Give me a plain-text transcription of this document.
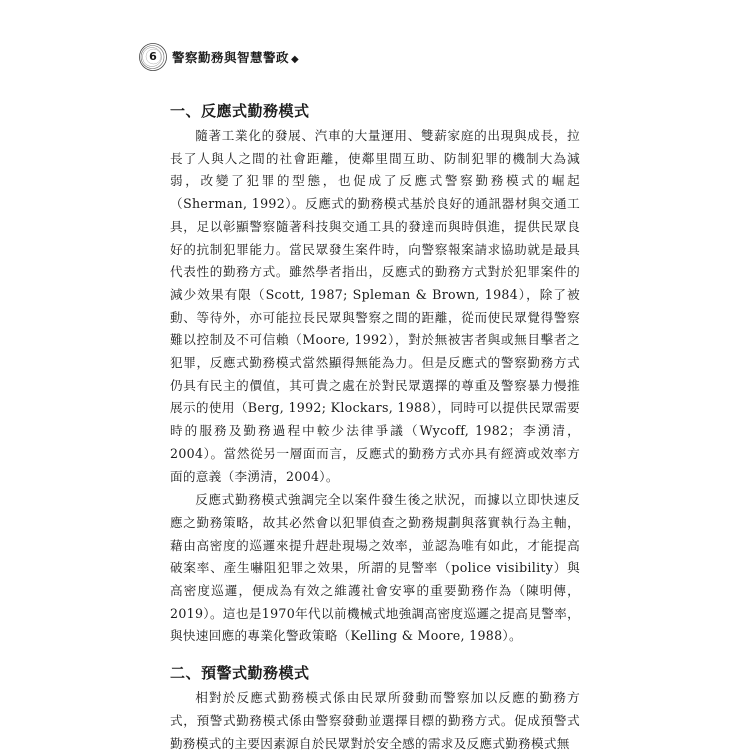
6	警察勤務與智慧警政 ◆
一、反應式勤務模式

隨著工業化的發展、汽車的大量運用、雙薪家庭的出現與成長，拉長了人與人之間的社會距離，使鄰里間互助、防制犯罪的機制大為減弱，改變了犯罪的型態，也促成了反應式警察勤務模式的崛起（Sherman, 1992）。反應式的勤務模式基於良好的通訊器材與交通工具，足以彰顯警察隨著科技與交通工具的發達而與時俱進，提供民眾良好的抗制犯罪能力。當民眾發生案件時，向警察報案請求協助就是最具代表性的勤務方式。雖然學者指出，反應式的勤務方式對於犯罪案件的減少效果有限（Scott, 1987; Spleman & Brown, 1984），除了被動、等待外，亦可能拉長民眾與警察之間的距離，從而使民眾覺得警察難以控制及不可信賴（Moore, 1992），對於無被害者與或無目擊者之犯罪，反應式勤務模式當然顯得無能為力。但是反應式的警察勤務方式仍具有民主的價值，其可貴之處在於對民眾選擇的尊重及警察暴力慢推展示的使用（Berg, 1992; Klockars, 1988），同時可以提供民眾需要時的服務及勤務過程中較少法律爭議（Wycoff, 1982；李湧清，2004）。當然從另一層面而言，反應式的勤務方式亦具有經濟或效率方面的意義（李湧清，2004）。

反應式勤務模式強調完全以案件發生後之狀況，而據以立即快速反應之勤務策略，故其必然會以犯罪偵查之勤務規劃與落實執行為主軸，藉由高密度的巡邏來提升趕赴現場之效率，並認為唯有如此，才能提高破案率、產生嚇阻犯罪之效果，所謂的見警率（police visibility）與高密度巡邏，便成為有效之維護社會安寧的重要勤務作為（陳明傳，2019）。這也是1970年代以前機械式地強調高密度巡邏之提高見警率，與快速回應的專業化警政策略（Kelling & Moore, 1988）。

二、預警式勤務模式

相對於反應式勤務模式係由民眾所發動而警察加以反應的勤務方式，預警式勤務模式係由警察發動並選擇目標的勤務方式。促成預警式勤務模式的主要因素源自於民眾對於安全感的需求及反應式勤務模式無
